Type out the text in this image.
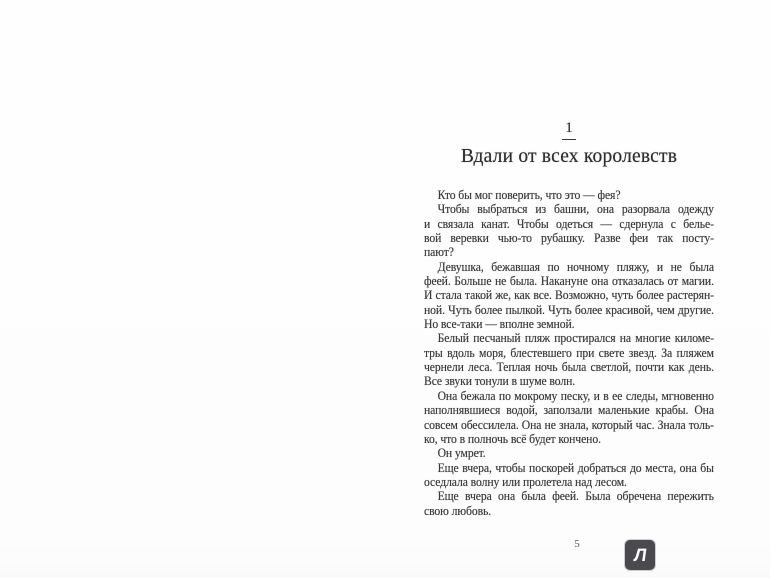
1
Вдали от всех королевств
Кто бы мог поверить, что это — фея?
Чтобы выбраться из башни, она разорвала одежду
и связала канат. Чтобы одеться — сдернула с белье-
вой веревки чью-то рубашку. Разве феи так посту-
пают?
Девушка, бежавшая по ночному пляжу, и не была
феей. Больше не была. Накануне она отказалась от магии.
И стала такой же, как все. Возможно, чуть более растерян-
ной. Чуть более пылкой. Чуть более красивой, чем другие.
Но все-таки — вполне земной.
Белый песчаный пляж простирался на многие киломе-
тры вдоль моря, блестевшего при свете звезд. За пляжем
чернели леса. Теплая ночь была светлой, почти как день.
Все звуки тонули в шуме волн.
Она бежала по мокрому песку, и в ее следы, мгновенно
наполнявшиеся водой, заползали маленькие крабы. Она
совсем обессилела. Она не знала, который час. Знала толь-
ко, что в полночь всё будет кончено.
Он умрет.
Еще вчера, чтобы поскорей добраться до места, она бы
оседлала волну или пролетела над лесом.
Еще вчера она была феей. Была обречена пережить
свою любовь.
5
Л
